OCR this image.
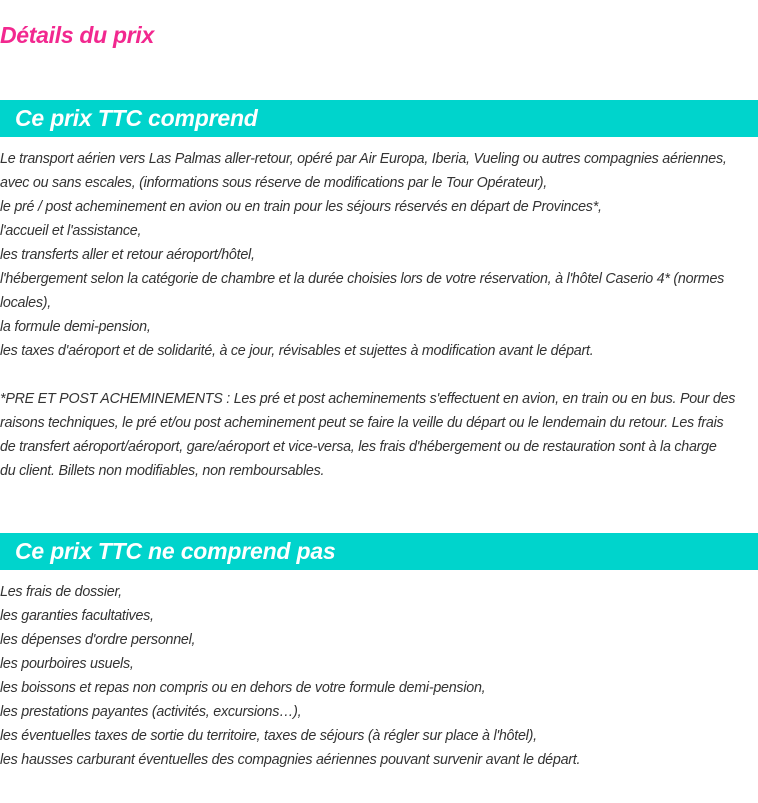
Détails du prix
Ce prix TTC comprend
Le transport aérien vers Las Palmas aller-retour, opéré par Air Europa, Iberia, Vueling ou autres compagnies aériennes,
avec ou sans escales, (informations sous réserve de modifications par le Tour Opérateur),
le pré / post acheminement en avion ou en train pour les séjours réservés en départ de Provinces*,
l'accueil et l'assistance,
les transferts aller et retour aéroport/hôtel,
l'hébergement selon la catégorie de chambre et la durée choisies lors de votre réservation, à l'hôtel Caserio 4* (normes
locales),
la formule demi-pension,
les taxes d'aéroport et de solidarité, à ce jour, révisables et sujettes à modification avant le départ.
*PRE ET POST ACHEMINEMENTS : Les pré et post acheminements s'effectuent en avion, en train ou en bus. Pour des
raisons techniques, le pré et/ou post acheminement peut se faire la veille du départ ou le lendemain du retour. Les frais
de transfert aéroport/aéroport, gare/aéroport et vice-versa, les frais d'hébergement ou de restauration sont à la charge
du client. Billets non modifiables, non remboursables.
Ce prix TTC ne comprend pas
Les frais de dossier,
les garanties facultatives,
les dépenses d'ordre personnel,
les pourboires usuels,
les boissons et repas non compris ou en dehors de votre formule demi-pension,
les prestations payantes (activités, excursions…),
les éventuelles taxes de sortie du territoire, taxes de séjours (à régler sur place à l'hôtel),
les hausses carburant éventuelles des compagnies aériennes pouvant survenir avant le départ.
